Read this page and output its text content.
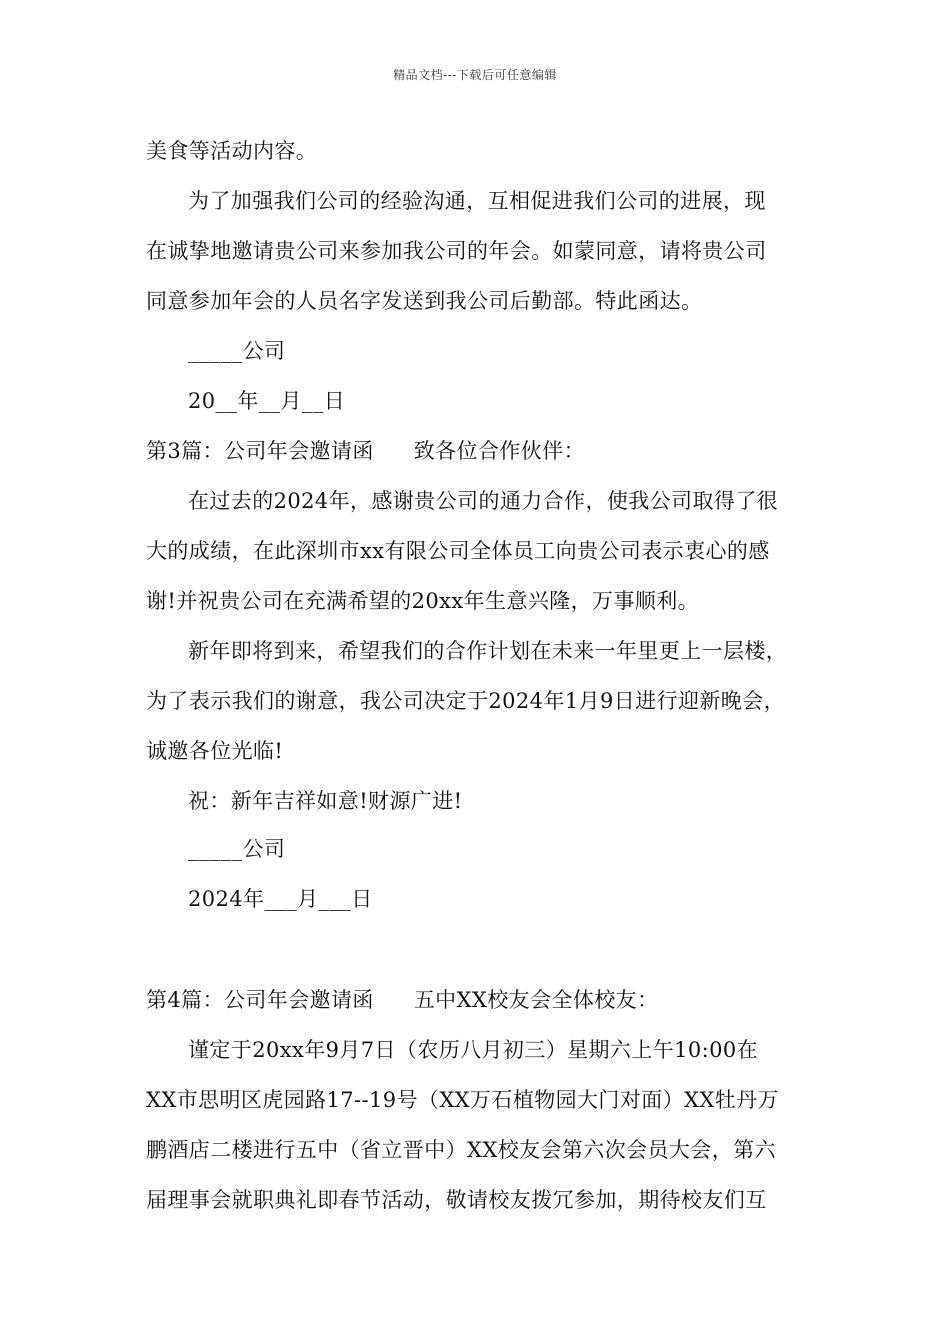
精品文档---下载后可任意编辑
美食等活动内容。
为了加强我们公司的经验沟通，互相促进我们公司的进展，现
在诚挚地邀请贵公司来参加我公司的年会。如蒙同意，请将贵公司
同意参加年会的人员名字发送到我公司后勤部。特此函达。
_____公司
20__年__月__日
第3篇：公司年会邀请函 致各位合作伙伴：
在过去的2024年，感谢贵公司的通力合作，使我公司取得了很
大的成绩，在此深圳市xx有限公司全体员工向贵公司表示衷心的感
谢!并祝贵公司在充满希望的20xx年生意兴隆，万事顺利。
新年即将到来，希望我们的合作计划在未来一年里更上一层楼，
为了表示我们的谢意，我公司决定于2024年1月9日进行迎新晚会，
诚邀各位光临!
祝：新年吉祥如意!财源广进!
_____公司
2024年___月___日
第4篇：公司年会邀请函 五中XX校友会全体校友：
谨定于20xx年9月7日（农历八月初三）星期六上午10:00在
XX市思明区虎园路17--19号（XX万石植物园大门对面）XX牡丹万
鹏酒店二楼进行五中（省立晋中）XX校友会第六次会员大会，第六
届理事会就职典礼即春节活动，敬请校友拨冗参加，期待校友们互
